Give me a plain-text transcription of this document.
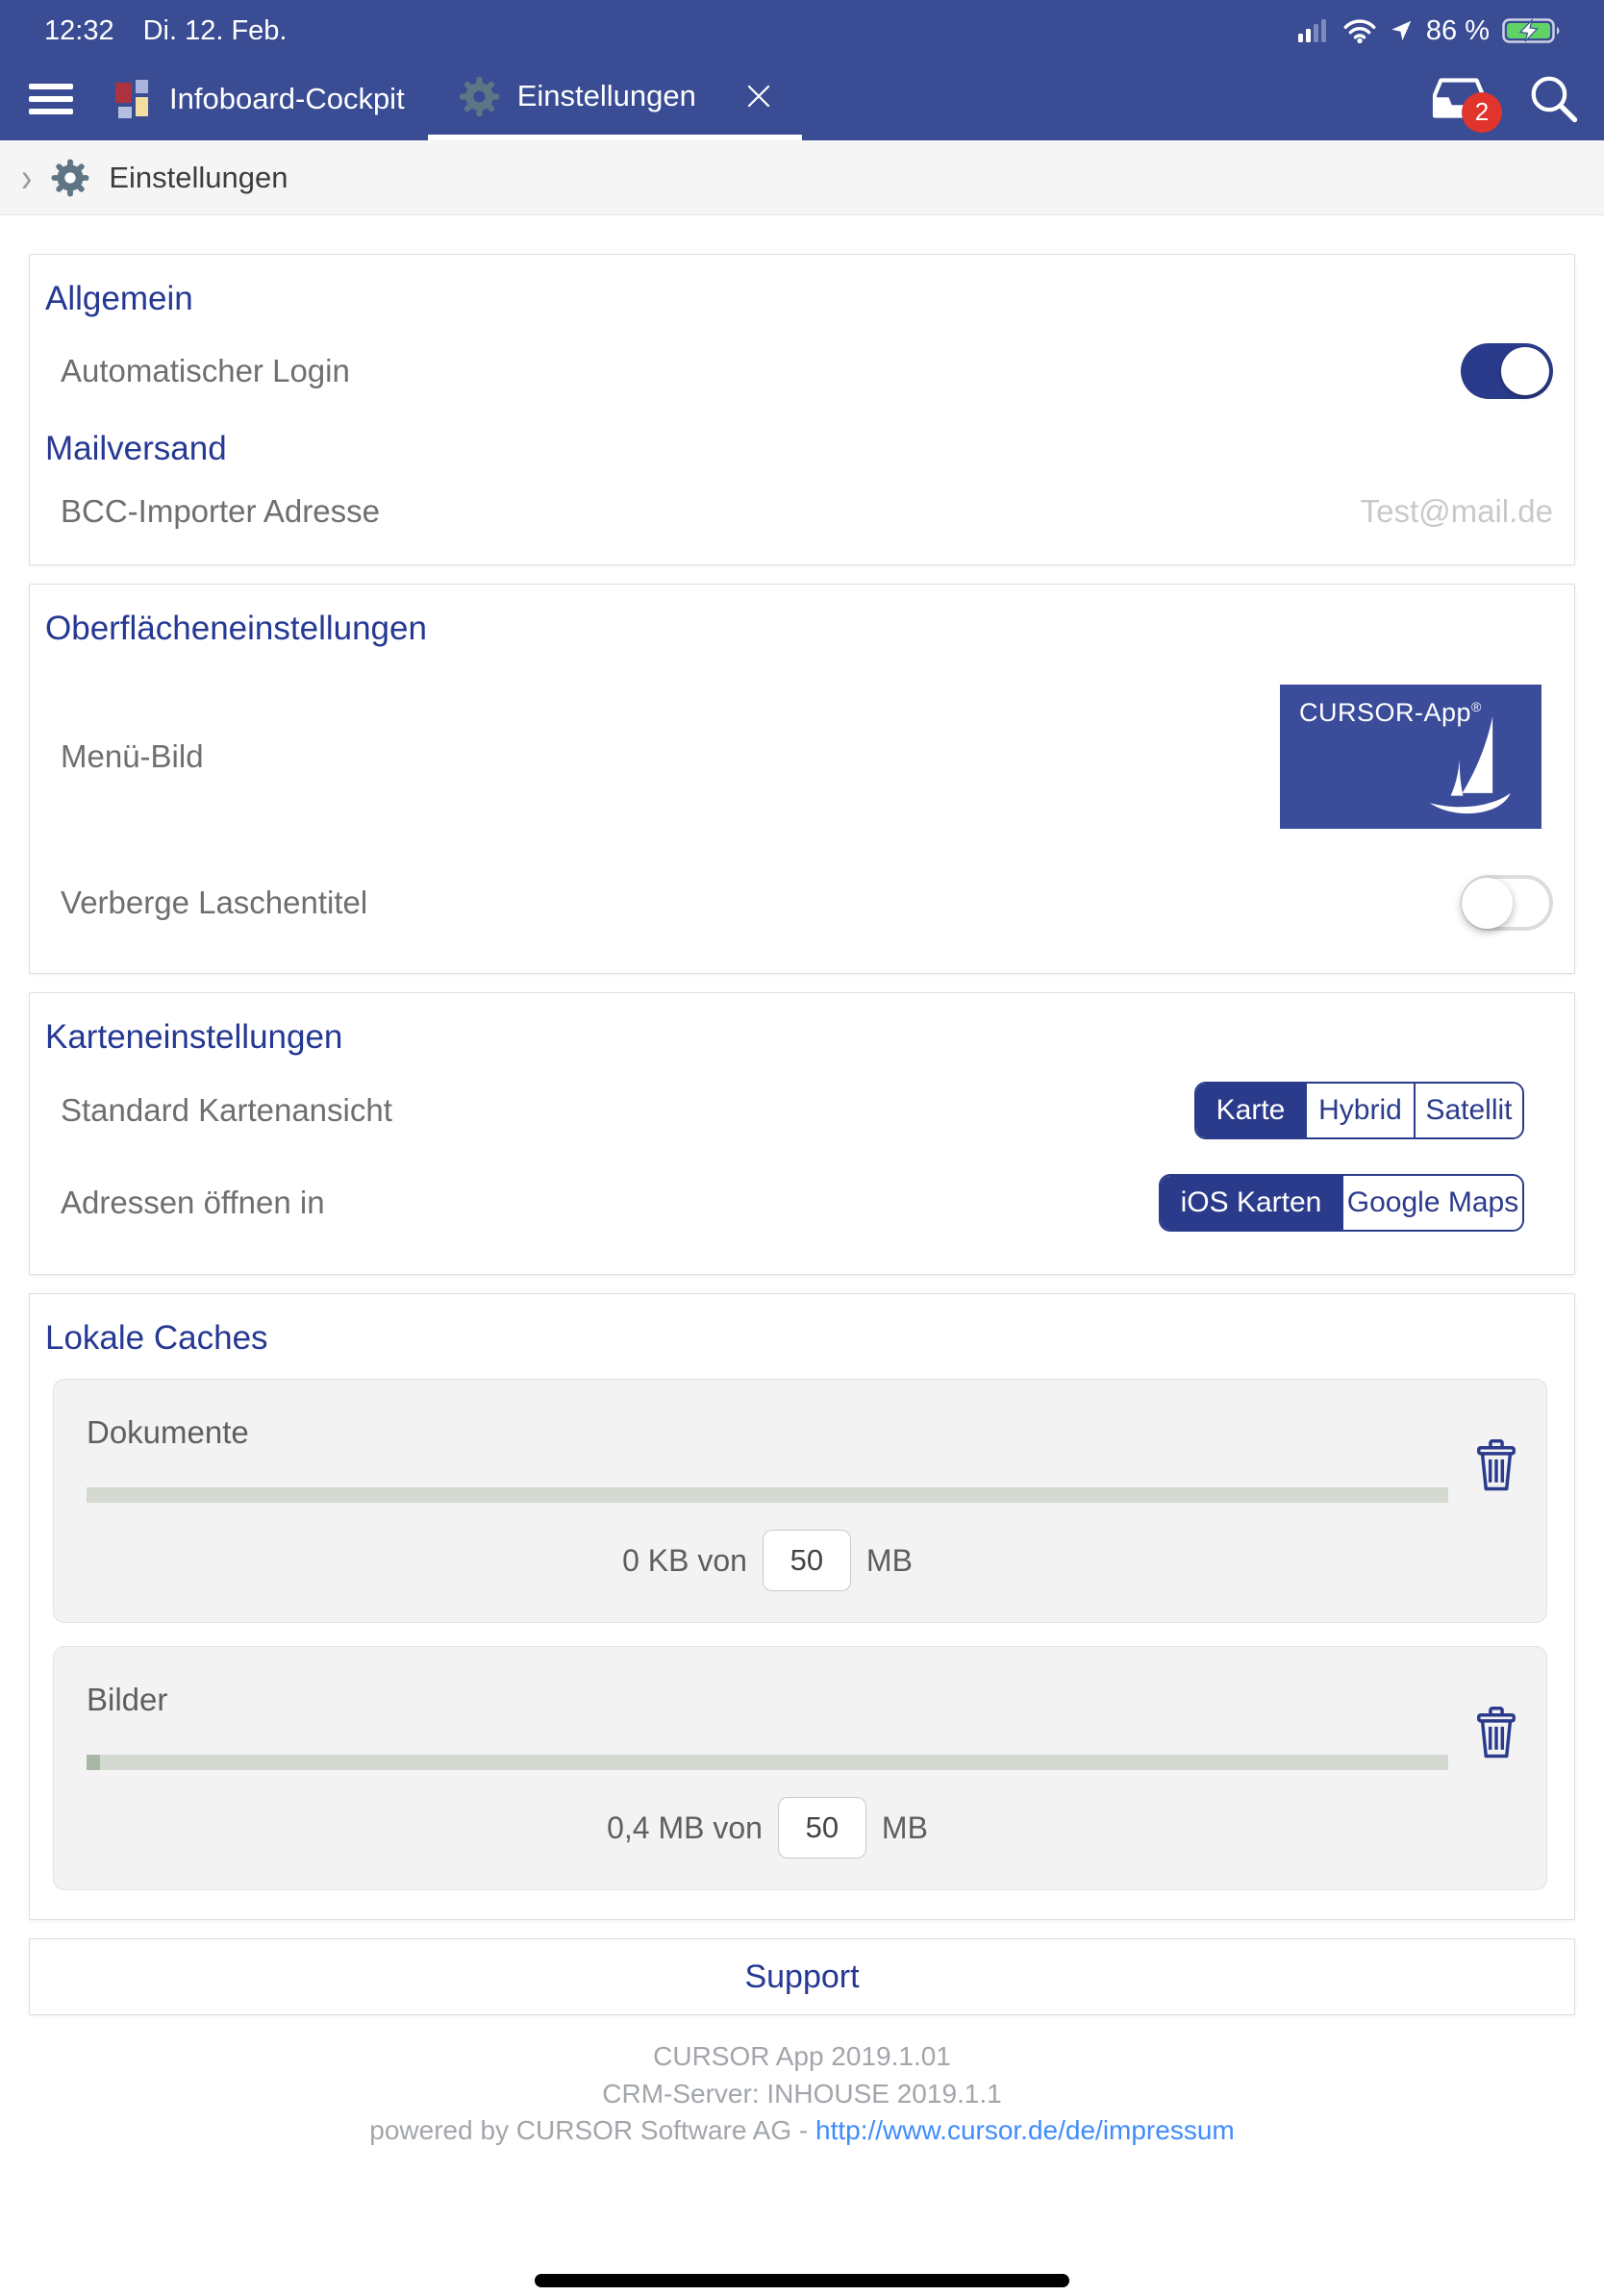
12:32 Di. 12. Feb.	86 %
Infoboard-Cockpit	Einstellungen	2
›	Einstellungen
Allgemein
Automatischer Login
Mailversand
BCC-Importer Adresse
Test@mail.de
Oberflächeneinstellungen
Menü-Bild
CURSOR-App®
Verberge Laschentitel
Karteneinstellungen
Standard Kartenansicht	Karte	Hybrid Satellit
Adressen öffnen in	iOS Karten Google Maps
Lokale Caches
Dokumente
0 KB von
50	MB
Bilder
0,4 MB von
50	MB
Support
CURSOR App 2019.1.01
CRM-Server: INHOUSE 2019.1.1
powered by CURSOR Software AG - http://www.cursor.de/de/impressum
